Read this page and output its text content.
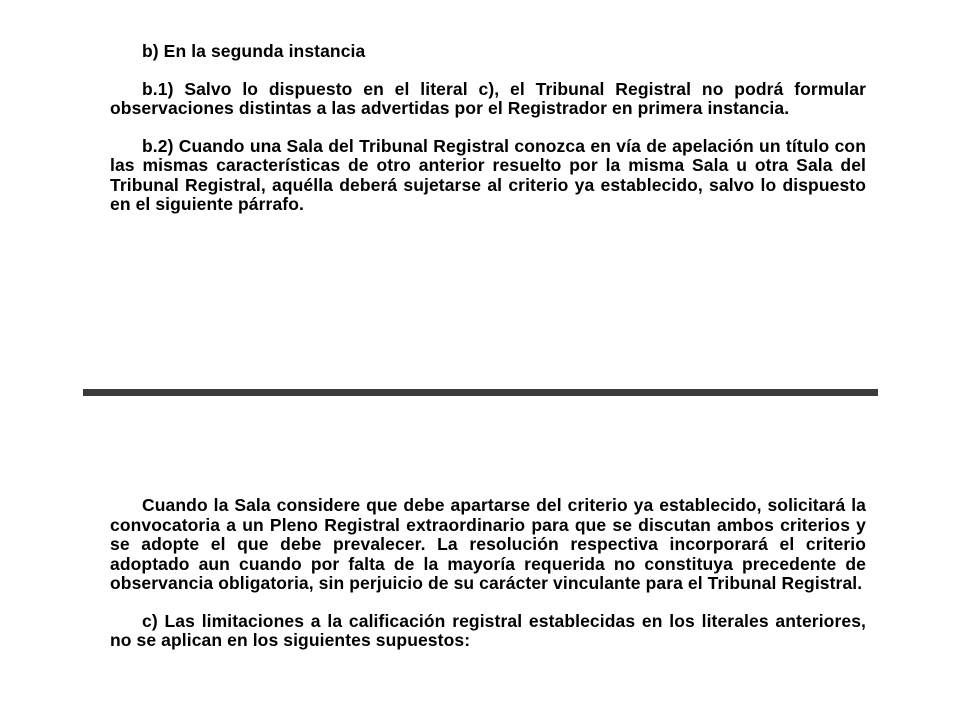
b) En la segunda instancia

b.1) Salvo lo dispuesto en el literal c), el Tribunal Registral no podrá formular observaciones distintas a las advertidas por el Registrador en primera instancia.

b.2) Cuando una Sala del Tribunal Registral conozca en vía de apelación un título con las mismas características de otro anterior resuelto por la misma Sala u otra Sala del Tribunal Registral, aquélla deberá sujetarse al criterio ya establecido, salvo lo dispuesto en el siguiente párrafo.

Cuando la Sala considere que debe apartarse del criterio ya establecido, solicitará la convocatoria a un Pleno Registral extraordinario para que se discutan ambos criterios y se adopte el que debe prevalecer. La resolución respectiva incorporará el criterio adoptado aun cuando por falta de la mayoría requerida no constituya precedente de observancia obligatoria, sin perjuicio de su carácter vinculante para el Tribunal Registral.

c) Las limitaciones a la calificación registral establecidas en los literales anteriores, no se aplican en los siguientes supuestos:
